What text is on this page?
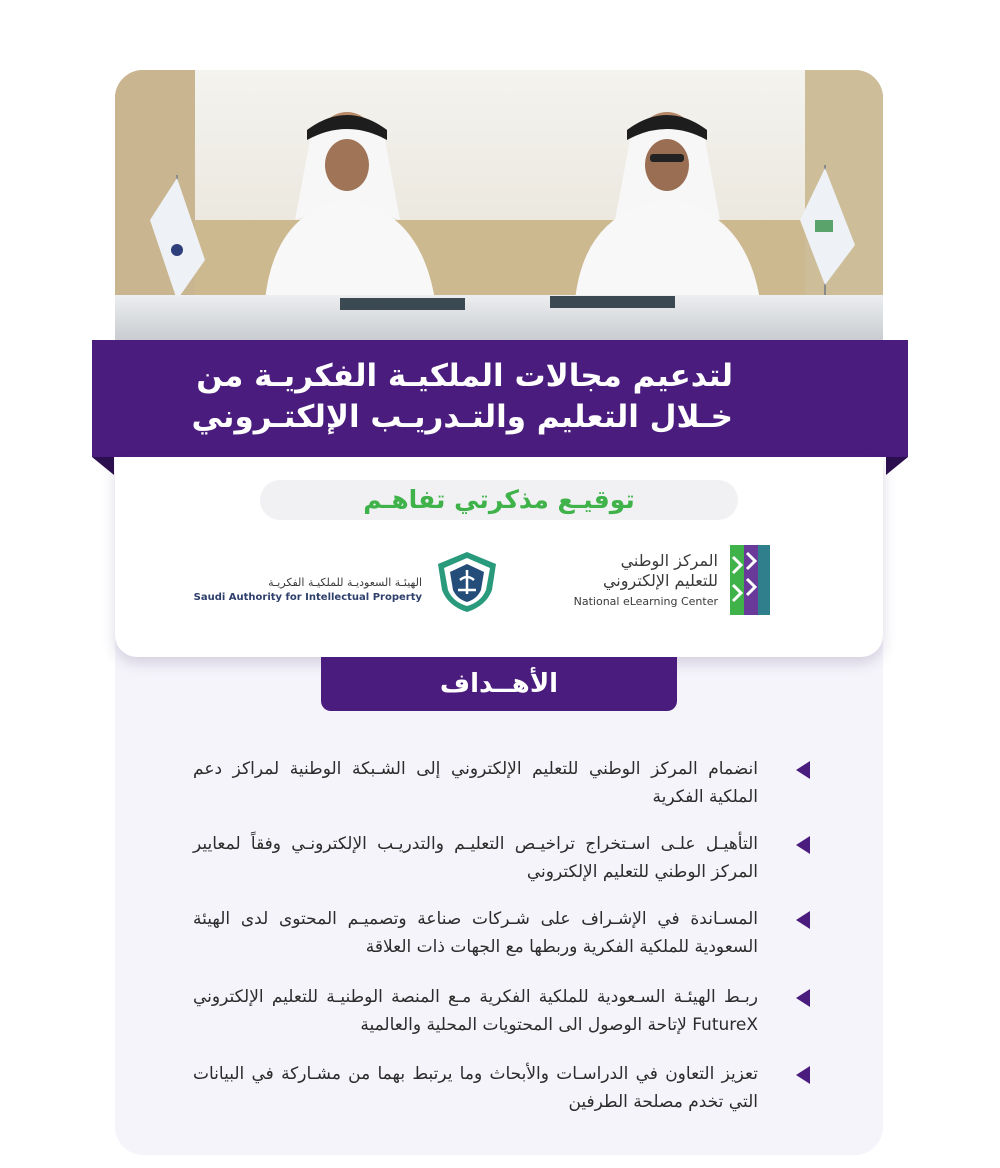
لتدعيم مجالات الملكيـة الفكريـة من
خـلال التعليم والتـدريـب الإلكتـروني
توقيـع مذكرتي تفاهـم
المركز الوطني
للتعليم الإلكتروني
National eLearning Center
الهيئـة السعوديـة للملكيـة الفكريـة
Saudi Authority for Intellectual Property
الأهــداف
انضمام المركز الوطني للتعليم الإلكتروني إلى الشـبكة الوطنية لمراكز دعم الملكية الفكرية
التأهيـل علـى اسـتخراج تراخيـص التعليـم والتدريـب الإلكترونـي وفقاً لمعايير المركز الوطني للتعليم الإلكتروني
المسـاندة في الإشـراف على شـركات صناعة وتصميـم المحتوى لدى الهيئة السعودية للملكية الفكرية وربطها مع الجهات ذات العلاقة
ربـط الهيئـة السـعودية للملكية الفكرية مـع المنصة الوطنيـة للتعليم الإلكتروني FutureX لإتاحة الوصول الى المحتويات المحلية والعالمية
تعزيز التعاون في الدراسـات والأبحاث وما يرتبط بهما من مشـاركة في البيانات التي تخدم مصلحة الطرفين
